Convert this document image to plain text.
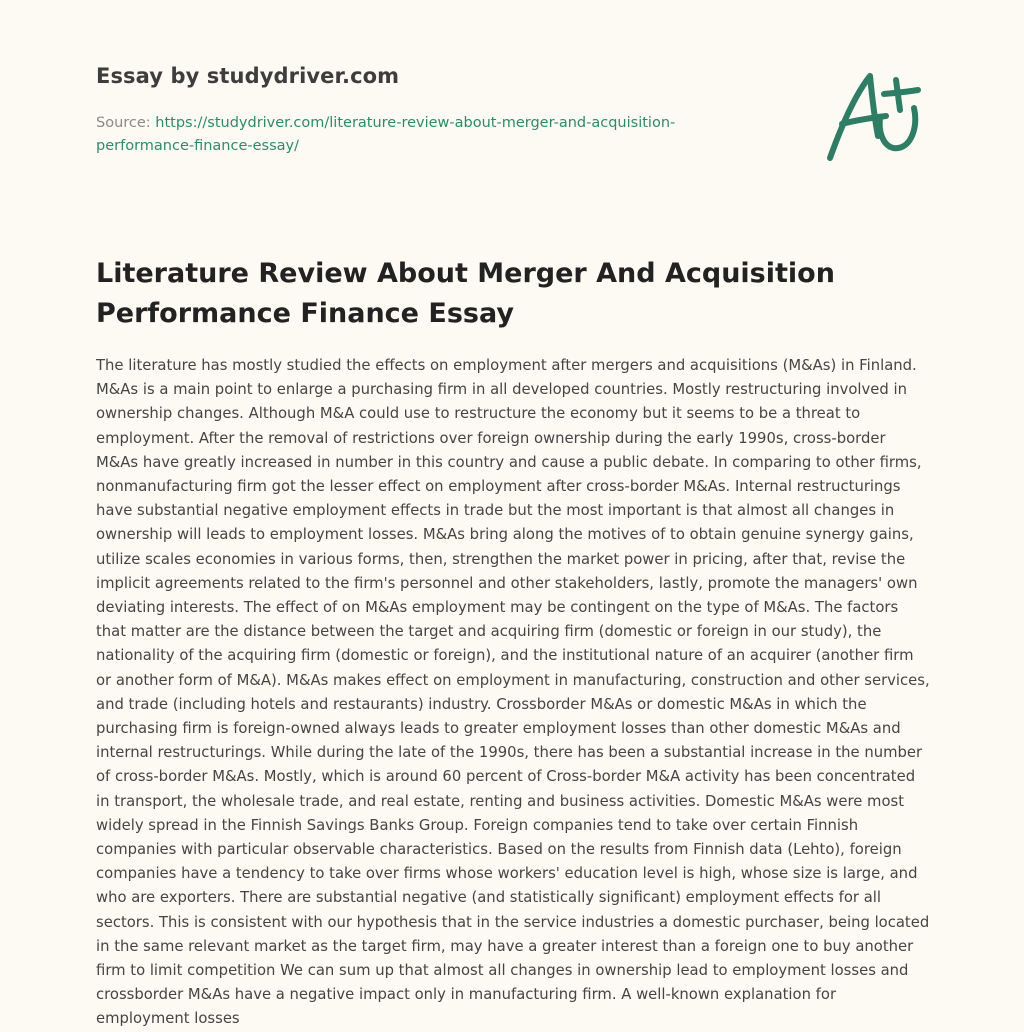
Essay by studydriver.com
Source: https://studydriver.com/literature-review-about-merger-and-acquisition-performance-finance-essay/
Literature Review About Merger And Acquisition Performance Finance Essay

The literature has mostly studied the effects on employment after mergers and acquisitions (M&As) in Finland. M&As is a main point to enlarge a purchasing firm in all developed countries. Mostly restructuring involved in ownership changes. Although M&A could use to restructure the economy but it seems to be a threat to employment. After the removal of restrictions over foreign ownership during the early 1990s, cross-border M&As have greatly increased in number in this country and cause a public debate. In comparing to other firms, nonmanufacturing firm got the lesser effect on employment after cross-border M&As. Internal restructurings have substantial negative employment effects in trade but the most important is that almost all changes in ownership will leads to employment losses. M&As bring along the motives of to obtain genuine synergy gains, utilize scales economies in various forms, then, strengthen the market power in pricing, after that, revise the implicit agreements related to the firm's personnel and other stakeholders, lastly, promote the managers' own deviating interests. The effect of on M&As employment may be contingent on the type of M&As. The factors that matter are the distance between the target and acquiring firm (domestic or foreign in our study), the nationality of the acquiring firm (domestic or foreign), and the institutional nature of an acquirer (another firm or another form of M&A). M&As makes effect on employment in manufacturing, construction and other services, and trade (including hotels and restaurants) industry. Crossborder M&As or domestic M&As in which the purchasing firm is foreign-owned always leads to greater employment losses than other domestic M&As and internal restructurings. While during the late of the 1990s, there has been a substantial increase in the number of cross-border M&As. Mostly, which is around 60 percent of Cross-border M&A activity has been concentrated in transport, the wholesale trade, and real estate, renting and business activities. Domestic M&As were most widely spread in the Finnish Savings Banks Group. Foreign companies tend to take over certain Finnish companies with particular observable characteristics. Based on the results from Finnish data (Lehto), foreign companies have a tendency to take over firms whose workers' education level is high, whose size is large, and who are exporters. There are substantial negative (and statistically significant) employment effects for all sectors. This is consistent with our hypothesis that in the service industries a domestic purchaser, being located in the same relevant market as the target firm, may have a greater interest than a foreign one to buy another firm to limit competition We can sum up that almost all changes in ownership lead to employment losses and crossborder M&As have a negative impact only in manufacturing firm. A well-known explanation for employment losses
